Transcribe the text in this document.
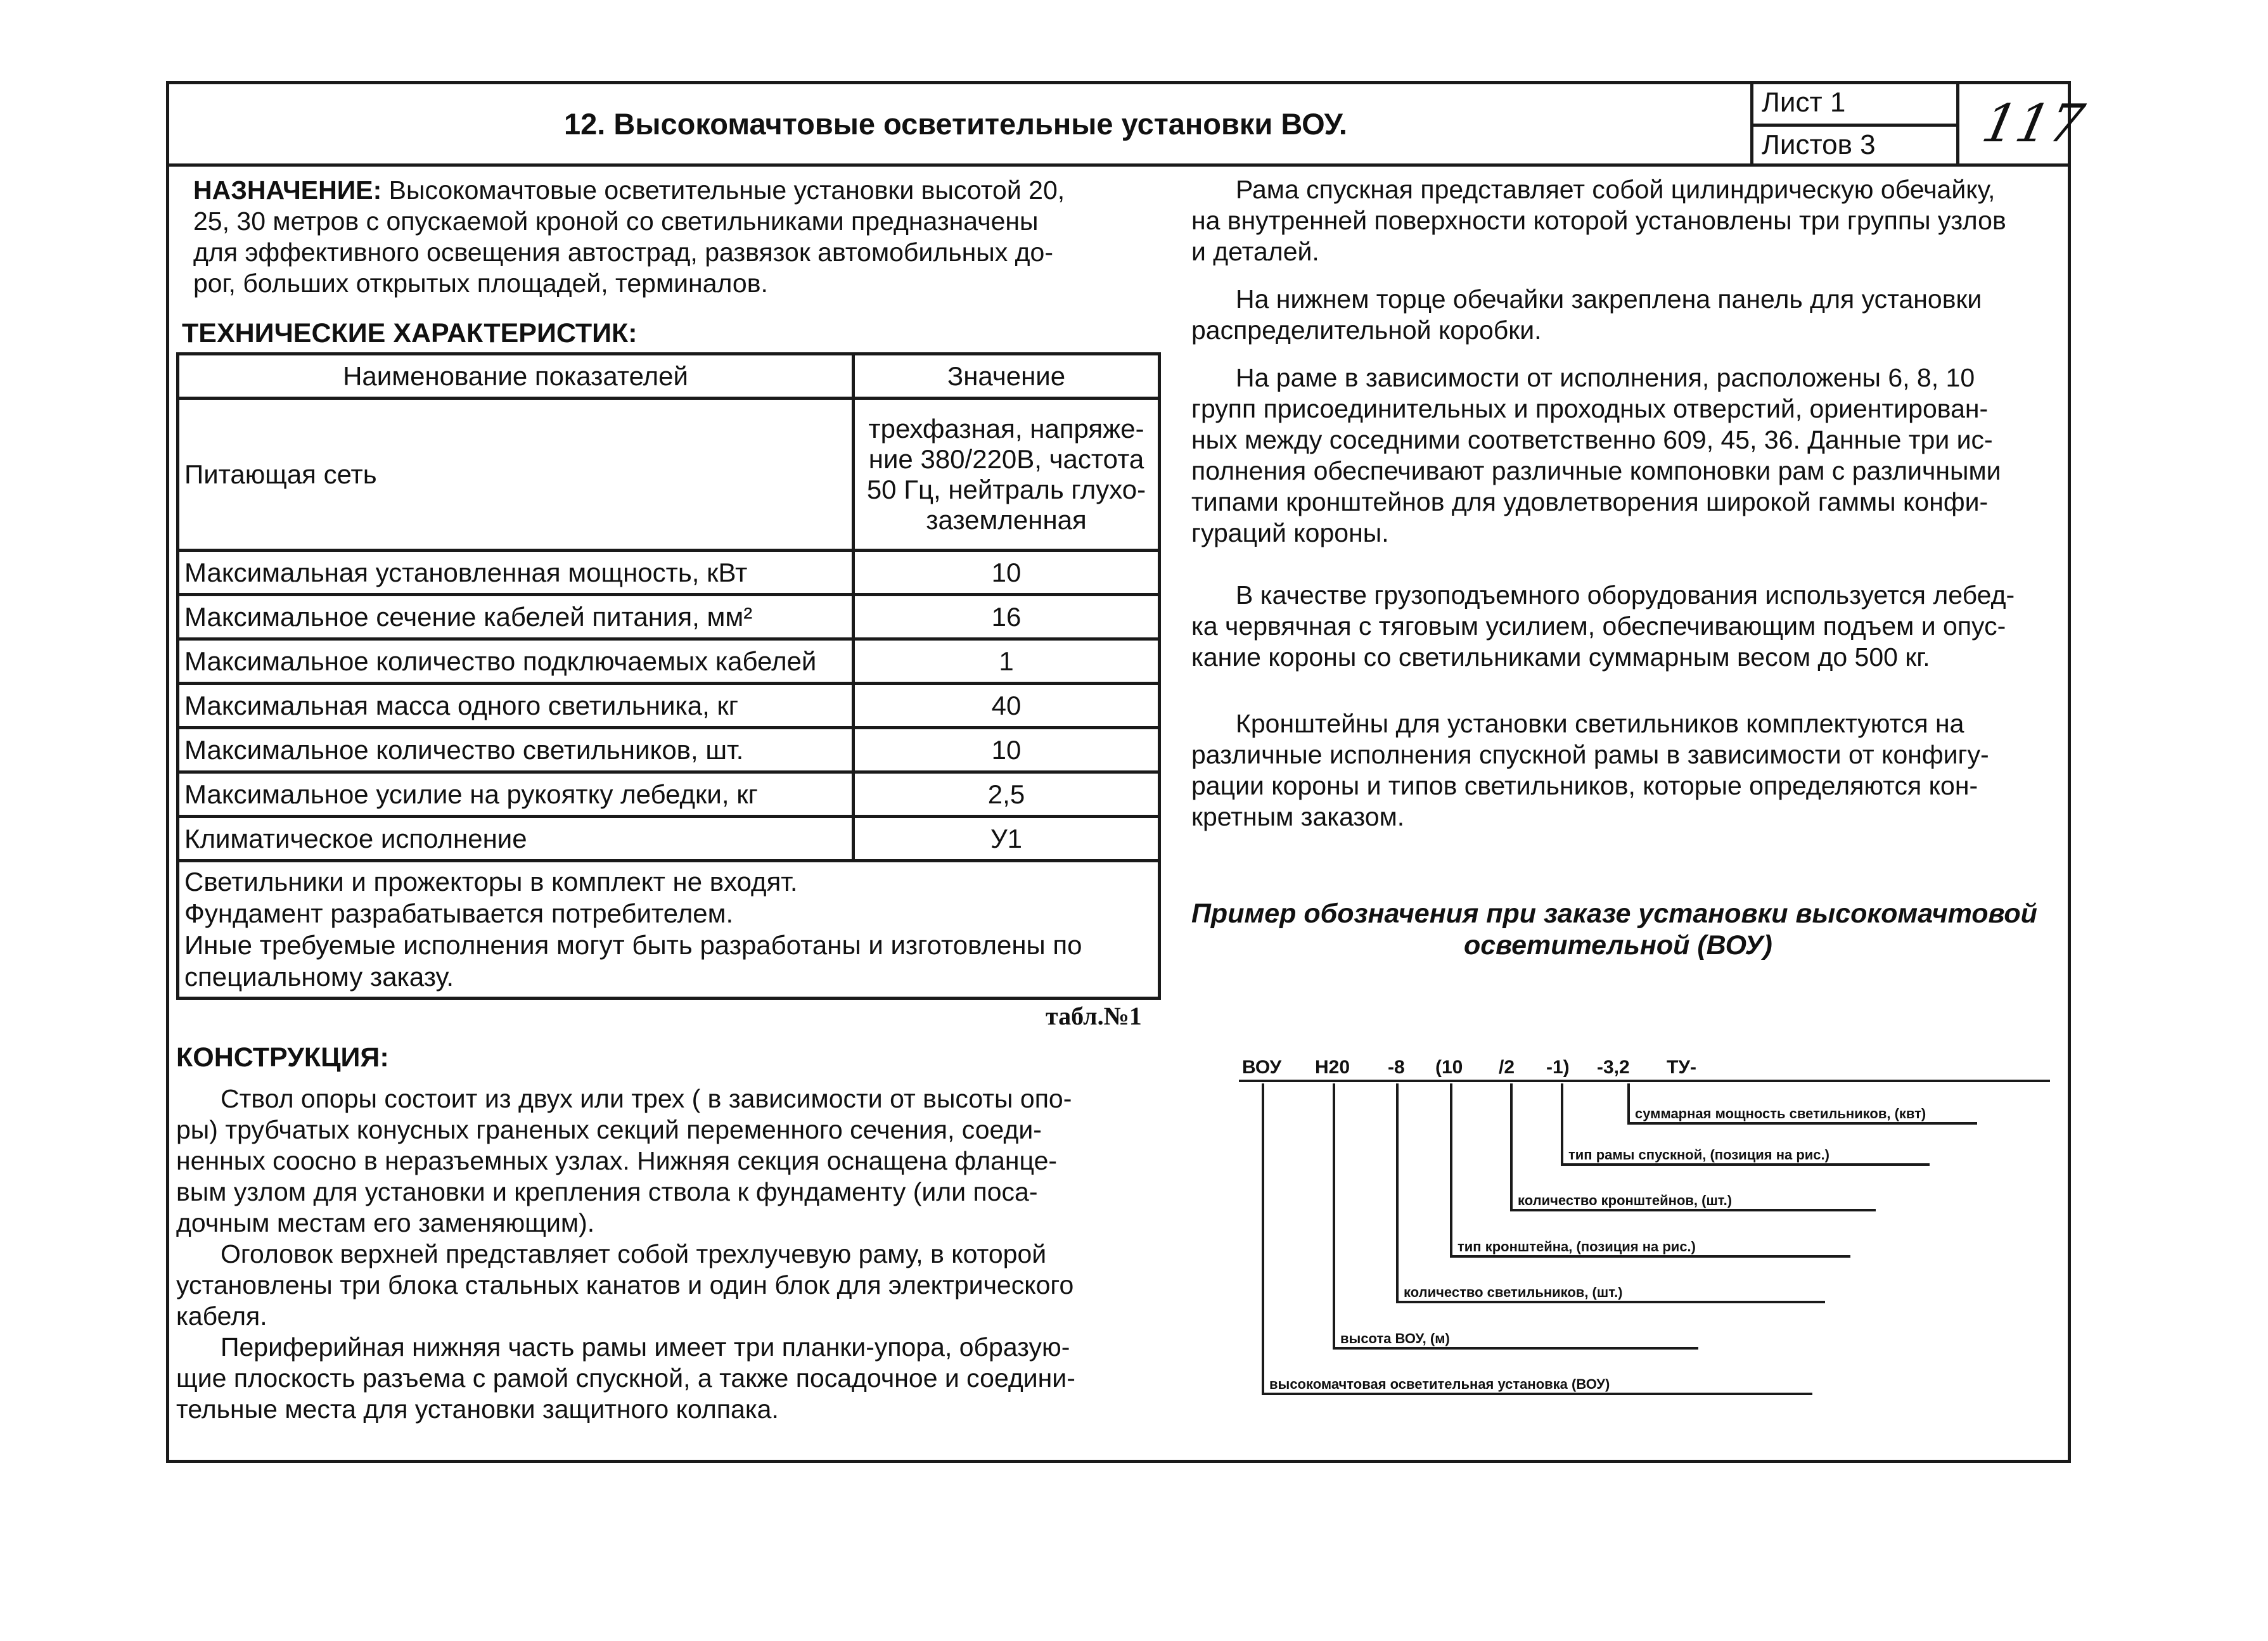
12. Высокомачтовые осветительные установки ВОУ.
Лист 1
Листов 3 117
НАЗНАЧЕНИЕ: Высокомачтовые осветительные установки высотой 20,
25, 30 метров с опускаемой кроной со светильниками предназначены
для эффективного освещения автострад, развязок автомобильных до-
рог, больших открытых площадей, терминалов.
ТЕХНИЧЕСКИЕ ХАРАКТЕРИСТИК:
Наименование показателей	Значение
Питающая сеть	трехфазная, напряже-
ние 380/220В, частота
50 Гц, нейтраль глухо-
заземленная

Максимальная установленная мощность, кВт	10
Максимальное сечение кабелей питания, мм²	16
Максимальное количество подключаемых кабелей	1
Максимальная масса одного светильника, кг	40
Максимальное количество светильников, шт.	10
Максимальное усилие на рукоятку лебедки, кг	2,5
Климатическое исполнение	У1

Светильники и прожекторы в комплект не входят.
Фундамент разрабатывается потребителем.
Иные требуемые исполнения могут быть разработаны и изготовлены по
специальному заказу.	
табл.№1
КОНСТРУКЦИЯ:
Ствол опоры состоит из двух или трех ( в зависимости от высоты опо-
ры) трубчатых конусных граненых секций переменного сечения, соеди-
ненных соосно в неразъемных узлах. Нижняя секция оснащена фланце-
вым узлом для установки и крепления ствола к фундаменту (или поса-
дочным местам его заменяющим).
Оголовок верхней представляет собой трехлучевую раму, в которой
установлены три блока стальных канатов и один блок для электрического
кабеля.
Периферийная нижняя часть рамы имеет три планки-упора, образую-
щие плоскость разъема с рамой спускной, а также посадочное и соедини-
тельные места для установки защитного колпака.
Рама спускная представляет собой цилиндрическую обечайку,
на внутренней поверхности которой установлены три группы узлов
и деталей.
На нижнем торце обечайки закреплена панель для установки
распределительной коробки.
На раме в зависимости от исполнения, расположены 6, 8, 10
групп присоединительных и проходных отверстий, ориентирован-
ных между соседними соответственно 609, 45, 36. Данные три ис-
полнения обеспечивают различные компоновки рам с различными
типами кронштейнов для удовлетворения широкой гаммы конфи-
гураций короны.
В качестве грузоподъемного оборудования используется лебед-
ка червячная с тяговым усилием, обеспечивающим подъем и опус-
кание короны со светильниками суммарным весом до 500 кг.
Кронштейны для установки светильников комплектуются на
различные исполнения спускной рамы в зависимости от конфигу-
рации короны и типов светильников, которые определяются кон-
кретным заказом.
Пример обозначения при заказе установки высокомачтовой
осветительной (ВОУ)
ВОУ Н20 -8 (10 /2 -1) -3,2 ТУ-
суммарная мощность светильников, (квт)
тип рамы спускной, (позиция на рис.)
количество кронштейнов, (шт.)
тип кронштейна, (позиция на рис.)
количество светильников, (шт.)
высота ВОУ, (м)
высокомачтовая осветительная установка (ВОУ)
